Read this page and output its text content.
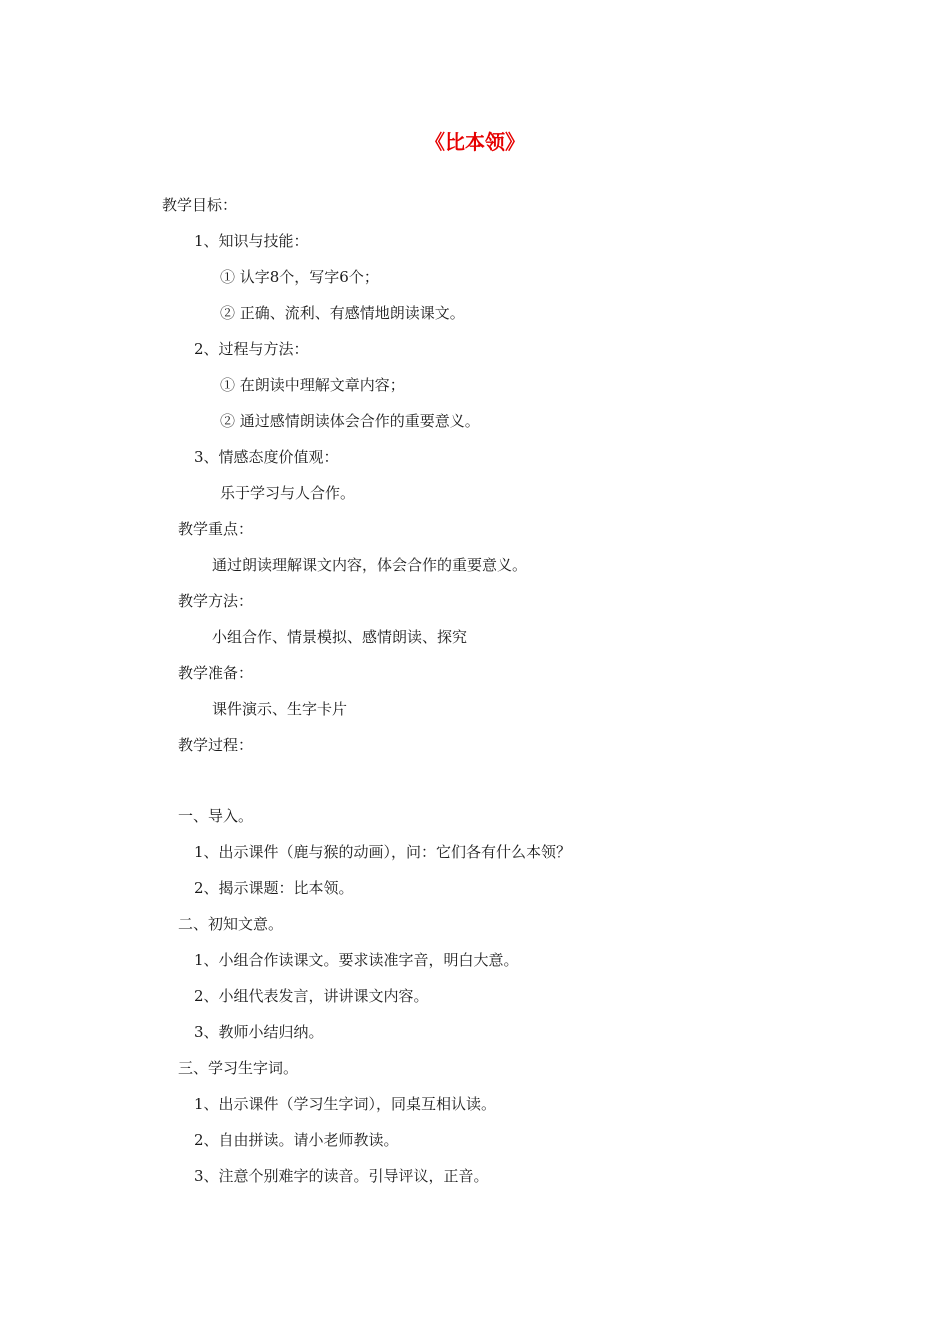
《比本领》
教学目标：
1、知识与技能：
① 认字8个，写字6个；
② 正确、流利、有感情地朗读课文。
2、过程与方法：
① 在朗读中理解文章内容；
② 通过感情朗读体会合作的重要意义。
3、情感态度价值观：
乐于学习与人合作。
教学重点：
通过朗读理解课文内容，体会合作的重要意义。
教学方法：
小组合作、情景模拟、感情朗读、探究
教学准备：
课件演示、生字卡片
教学过程：
一、导入。
1、出示课件（鹿与猴的动画），问：它们各有什么本领？
2、揭示课题：比本领。
二、初知文意。
1、小组合作读课文。要求读准字音，明白大意。
2、小组代表发言，讲讲课文内容。
3、教师小结归纳。
三、学习生字词。
1、出示课件（学习生字词），同桌互相认读。
2、自由拼读。请小老师教读。
3、注意个别难字的读音。引导评议，正音。
